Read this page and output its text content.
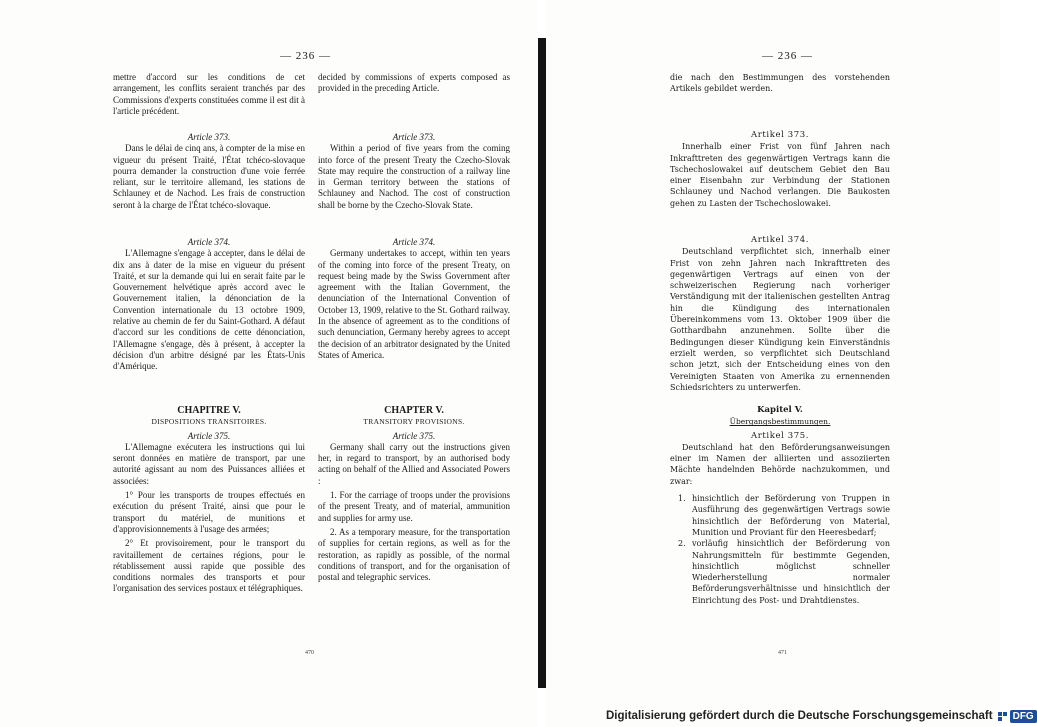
— 236 —

mettre d'accord sur les conditions de cet arrangement, les conflits seraient tranchés par des Commissions d'experts constituées comme il est dit à l'article précédent.

Article 373.

Dans le délai de cinq ans, à compter de la mise en vigueur du présent Traité, l'État tchéco-slovaque pourra demander la construction d'une voie ferrée reliant, sur le territoire allemand, les stations de Schlauney et de Nachod. Les frais de construction seront à la charge de l'État tchéco-slovaque.

Article 374.

L'Allemagne s'engage à accepter, dans le délai de dix ans à dater de la mise en vigueur du présent Traité, et sur la demande qui lui en serait faite par le Gouvernement helvétique après accord avec le Gouvernement italien, la dénonciation de la Convention internationale du 13 octobre 1909, relative au chemin de fer du Saint-Gothard. A défaut d'accord sur les conditions de cette dénonciation, l'Allemagne s'engage, dès à présent, à accepter la décision d'un arbitre désigné par les États-Unis d'Amérique.

CHAPITRE V.

DISPOSITIONS TRANSITOIRES.

Article 375.

L'Allemagne exécutera les instructions qui lui seront données en matière de transport, par une autorité agissant au nom des Puissances alliées et associées:

1° Pour les transports de troupes effectués en exécution du présent Traité, ainsi que pour le transport du matériel, de munitions et d'approvisionnements à l'usage des armées;

2° Et provisoirement, pour le transport du ravitaillement de certaines régions, pour le rétablissement aussi rapide que possible des conditions normales des transports et pour l'organisation des services postaux et télégraphiques.

decided by commissions of experts composed as provided in the preceding Article.

Article 373.

Within a period of five years from the coming into force of the present Treaty the Czecho-Slovak State may require the construction of a railway line in German territory between the stations of Schlauney and Nachod. The cost of construction shall be borne by the Czecho-Slovak State.

Article 374.

Germany undertakes to accept, within ten years of the coming into force of the present Treaty, on request being made by the Swiss Government after agreement with the Italian Government, the denunciation of the International Convention of October 13, 1909, relative to the St. Gothard railway. In the absence of agreement as to the conditions of such denunciation, Germany hereby agrees to accept the decision of an arbitrator designated by the United States of America.

CHAPTER V.

TRANSITORY PROVISIONS.

Article 375.

Germany shall carry out the instructions given her, in regard to transport, by an authorised body acting on behalf of the Allied and Associated Powers :

1. For the carriage of troops under the provisions of the present Treaty, and of material, ammunition and supplies for army use.

2. As a temporary measure, for the transportation of supplies for certain regions, as well as for the restoration, as rapidly as possible, of the normal conditions of transport, and for the organisation of postal and telegraphic services.

470
— 236 —

die nach den Bestimmungen des vorstehenden Artikels gebildet werden.

Artikel 373.

Innerhalb einer Frist von fünf Jahren nach Inkrafttreten des gegenwärtigen Vertrags kann die Tschechoslowakei auf deutschem Gebiet den Bau einer Eisenbahn zur Verbindung der Stationen Schlauney und Nachod verlangen. Die Baukosten gehen zu Lasten der Tschechoslowakei.

Artikel 374.

Deutschland verpflichtet sich, innerhalb einer Frist von zehn Jahren nach Inkrafttreten des gegenwärtigen Vertrags auf einen von der schweizerischen Regierung nach vorheriger Verständigung mit der italienischen gestellten Antrag hin die Kündigung des internationalen Übereinkommens vom 13. Oktober 1909 über die Gotthardbahn anzunehmen. Sollte über die Bedingungen dieser Kündigung kein Einverständnis erzielt werden, so verpflichtet sich Deutschland schon jetzt, sich der Entscheidung eines von den Vereinigten Staaten von Amerika zu ernennenden Schiedsrichters zu unterwerfen.

Kapitel V.

Übergangsbestimmungen.

Artikel 375.

Deutschland hat den Beförderungsanweisungen einer im Namen der alliierten und assoziierten Mächte handelnden Behörde nachzukommen, und zwar:

1. hinsichtlich der Beförderung von Truppen in Ausführung des gegenwärtigen Vertrags sowie hinsichtlich der Beförderung von Material, Munition und Proviant für den Heeresbedarf;
2. vorläufig hinsichtlich der Beförderung von Nahrungsmitteln für bestimmte Gegenden, hinsichtlich möglichst schneller Wiederherstellung normaler Beförderungsverhältnisse und hinsichtlich der Einrichtung des Post- und Drahtdienstes.
471
Digitalisierung gefördert durch die Deutsche Forschungsgemeinschaft	DFG
